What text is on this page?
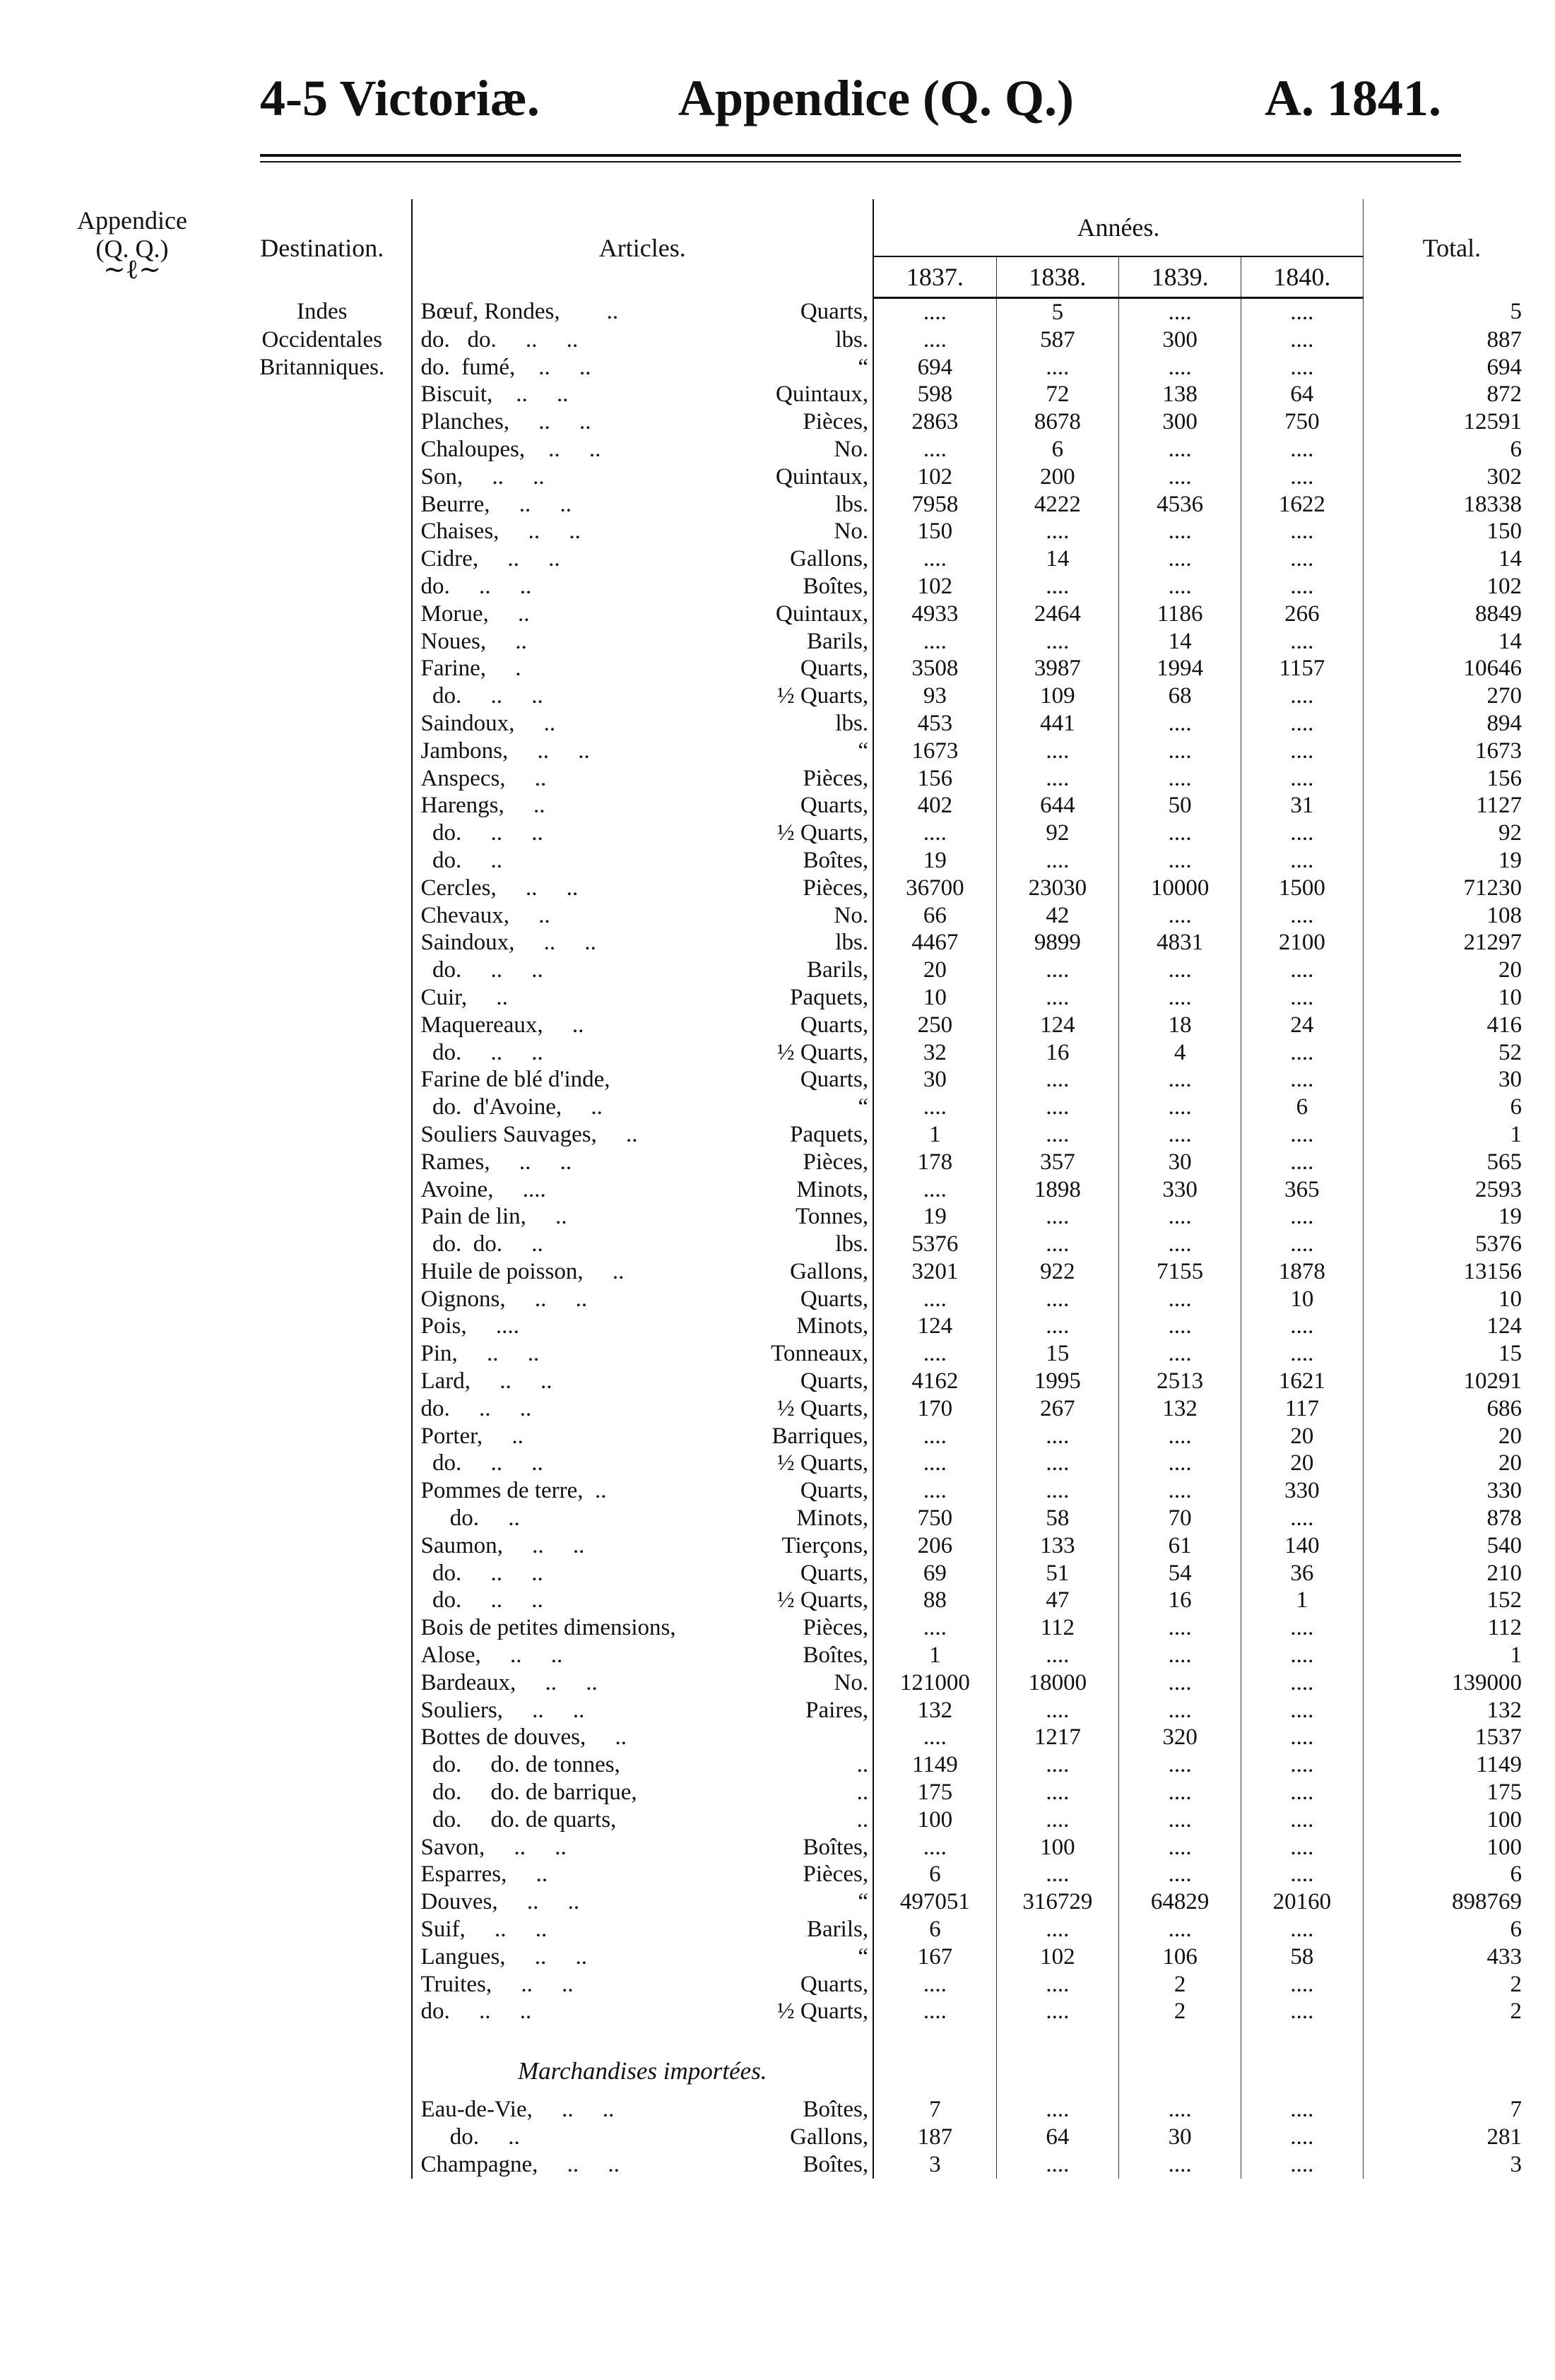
4-5 Victoriæ.	Appendice (Q. Q.)	A. 1841.
Appendice
(Q. Q.)
∼ℓ∼
Destination.	Articles.	Années.				Total.
		1837.	1838.	1839.	1840.	
Indes	Bœuf, Rondes,        .. Quarts,	....	5	....	....	5
Occidentales	do.   do.     ..     .. lbs.	....	587	300	....	887
Britanniques.	do.  fumé,    ..     .. “	694	....	....	....	694

	Biscuit,    ..     .. Quintaux,	598	72	138	64	872

	Planches,     ..     .. Pièces,	2863	8678	300	750	12591

	Chaloupes,    ..     .. No.	....	6	....	....	6

	Son,     ..     .. Quintaux,	102	200	....	....	302

	Beurre,     ..     .. lbs.	7958	4222	4536	1622	18338

	Chaises,     ..     .. No.	150	....	....	....	150

	Cidre,     ..     .. Gallons,	....	14	....	....	14

	do.     ..     .. Boîtes,	102	....	....	....	102

	Morue,     .. Quintaux,	4933	2464	1186	266	8849

	Noues,     .. Barils,	....	....	14	....	14

	Farine,     . Quarts,	3508	3987	1994	1157	10646

	do.     ..     .. ½ Quarts,	93	109	68	....	270

	Saindoux,     .. lbs.	453	441	....	....	894

	Jambons,     ..     .. “	1673	....	....	....	1673

	Anspecs,     .. Pièces,	156	....	....	....	156

	Harengs,     .. Quarts,	402	644	50	31	1127

	do.     ..     .. ½ Quarts,	....	92	....	....	92

	do.     .. Boîtes,	19	....	....	....	19

	Cercles,     ..     .. Pièces,	36700	23030	10000	1500	71230

	Chevaux,     .. No.	66	42	....	....	108

	Saindoux,     ..     .. lbs.	4467	9899	4831	2100	21297

	do.     ..     .. Barils,	20	....	....	....	20

	Cuir,     .. Paquets,	10	....	....	....	10

	Maquereaux,     .. Quarts,	250	124	18	24	416

	do.     ..     .. ½ Quarts,	32	16	4	....	52

	Farine de blé d'inde, Quarts,	30	....	....	....	30

	do.  d'Avoine,     .. “	....	....	....	6	6

	Souliers Sauvages,     .. Paquets,	1	....	....	....	1

	Rames,     ..     .. Pièces,	178	357	30	....	565

	Avoine,     .... Minots,	....	1898	330	365	2593

	Pain de lin,     .. Tonnes,	19	....	....	....	19

	do.  do.     .. lbs.	5376	....	....	....	5376

	Huile de poisson,     .. Gallons,	3201	922	7155	1878	13156

	Oignons,     ..     .. Quarts,	....	....	....	10	10

	Pois,     .... Minots,	124	....	....	....	124

	Pin,     ..     .. Tonneaux,	....	15	....	....	15

	Lard,     ..     .. Quarts,	4162	1995	2513	1621	10291

	do.     ..     .. ½ Quarts,	170	267	132	117	686

	Porter,     .. Barriques,	....	....	....	20	20

	do.     ..     .. ½ Quarts,	....	....	....	20	20

	Pommes de terre,  .. Quarts,	....	....	....	330	330

	do.     .. Minots,	750	58	70	....	878

	Saumon,     ..     .. Tierçons,	206	133	61	140	540

	do.     ..     .. Quarts,	69	51	54	36	210

	do.     ..     .. ½ Quarts,	88	47	16	1	152

	Bois de petites dimensions, Pièces,	....	112	....	....	112

	Alose,     ..     .. Boîtes,	1	....	....	....	1

	Bardeaux,     ..     .. No.	121000	18000	....	....	139000

	Souliers,     ..     .. Paires,	132	....	....	....	132

	Bottes de douves,     ..	....	1217	320	....	1537

	do.     do. de tonnes, ..	1149	....	....	....	1149

	do.     do. de barrique, ..	175	....	....	....	175

	do.     do. de quarts, ..	100	....	....	....	100

	Savon,     ..     .. Boîtes,	....	100	....	....	100

	Esparres,     .. Pièces,	6	....	....	....	6

	Douves,     ..     .. “	497051	316729	64829	20160	898769

	Suif,     ..     .. Barils,	6	....	....	....	6

	Langues,     ..     .. “	167	102	106	58	433

	Truites,     ..     .. Quarts,	....	....	2	....	2

	do.     ..     .. ½ Quarts,	....	....	2	....	2
	Marchandises importées.					

	Eau-de-Vie,     ..     .. Boîtes,	7	....	....	....	7

	do.     .. Gallons,	187	64	30	....	281

	Champagne,     ..     .. Boîtes,	3	....	....	....	3
